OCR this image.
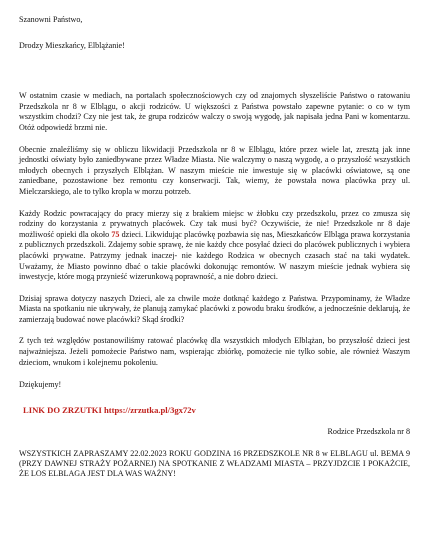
Szanowni Państwo,

Drodzy Mieszkańcy, Elblążanie!

W ostatnim czasie w mediach, na portalach społecznościowych czy od znajomych słyszeliście Państwo o ratowaniu Przedszkola nr 8 w Elblągu, o akcji rodziców. U większości z Państwa powstało zapewne pytanie: o co w tym wszystkim chodzi? Czy nie jest tak, że grupa rodziców walczy o swoją wygodę, jak napisała jedna Pani w komentarzu. Otóż odpowiedź brzmi nie.

Obecnie znaleźliśmy się w obliczu likwidacji Przedszkola nr 8 w Elblągu, które przez wiele lat, zresztą jak inne jednostki oświaty było zaniedbywane przez Władze Miasta. Nie walczymy o naszą wygodę, a o przyszłość wszystkich młodych obecnych i przyszłych Elblążan. W naszym mieście nie inwestuje się w placówki oświatowe, są one zaniedbane, pozostawione bez remontu czy konserwacji. Tak, wiemy, że powstała nowa placówka przy ul. Mielczarskiego, ale to tylko kropla w morzu potrzeb.

Każdy Rodzic powracający do pracy mierzy się z brakiem miejsc w żłobku czy przedszkolu, przez co zmusza się rodziny do korzystania z prywatnych placówek. Czy tak musi być? Oczywiście, że nie! Przedszkole nr 8 daje możliwość opieki dla około 75 dzieci. Likwidując placówkę pozbawia się nas, Mieszkańców Elbląga prawa korzystania z publicznych przedszkoli. Zdajemy sobie sprawę, że nie każdy chce posyłać dzieci do placówek publicznych i wybiera placówki prywatne. Patrzymy jednak inaczej- nie każdego Rodzica w obecnych czasach stać na taki wydatek. Uważamy, że Miasto powinno dbać o takie placówki dokonując remontów. W naszym mieście jednak wybiera się inwestycje, które mogą przynieść wizerunkową poprawność, a nie dobro dzieci.

Dzisiaj sprawa dotyczy naszych Dzieci, ale za chwile może dotknąć każdego z Państwa. Przypominamy, że Władze Miasta na spotkaniu nie ukrywały, że planują zamykać placówki z powodu braku środków, a jednocześnie deklarują, że zamierzają budować nowe placówki? Skąd środki?

Z tych też względów postanowiliśmy ratować placówkę dla wszystkich młodych Elblążan, bo przyszłość dzieci jest najważniejsza. Jeżeli pomożecie Państwo nam, wspierając zbiórkę, pomożecie nie tylko sobie, ale również Waszym dzieciom, wnukom i kolejnemu pokoleniu.

Dziękujemy!

LINK DO ZRZUTKI https://zrzutka.pl/3gx72v

Rodzice Przedszkola nr 8

WSZYSTKICH ZAPRASZAMY 22.02.2023 ROKU GODZINA 16 PRZEDSZKOLE NR 8 w ELBLAGU ul. BEMA 9 (PRZY DAWNEJ STRAŻY POŻARNEJ) NA SPOTKANIE Z WŁADZAMI MIASTA – PRZYJDZCIE I POKAŻCIE, ŻE LOS ELBLAGA JEST DLA WAS WAŻNY!
